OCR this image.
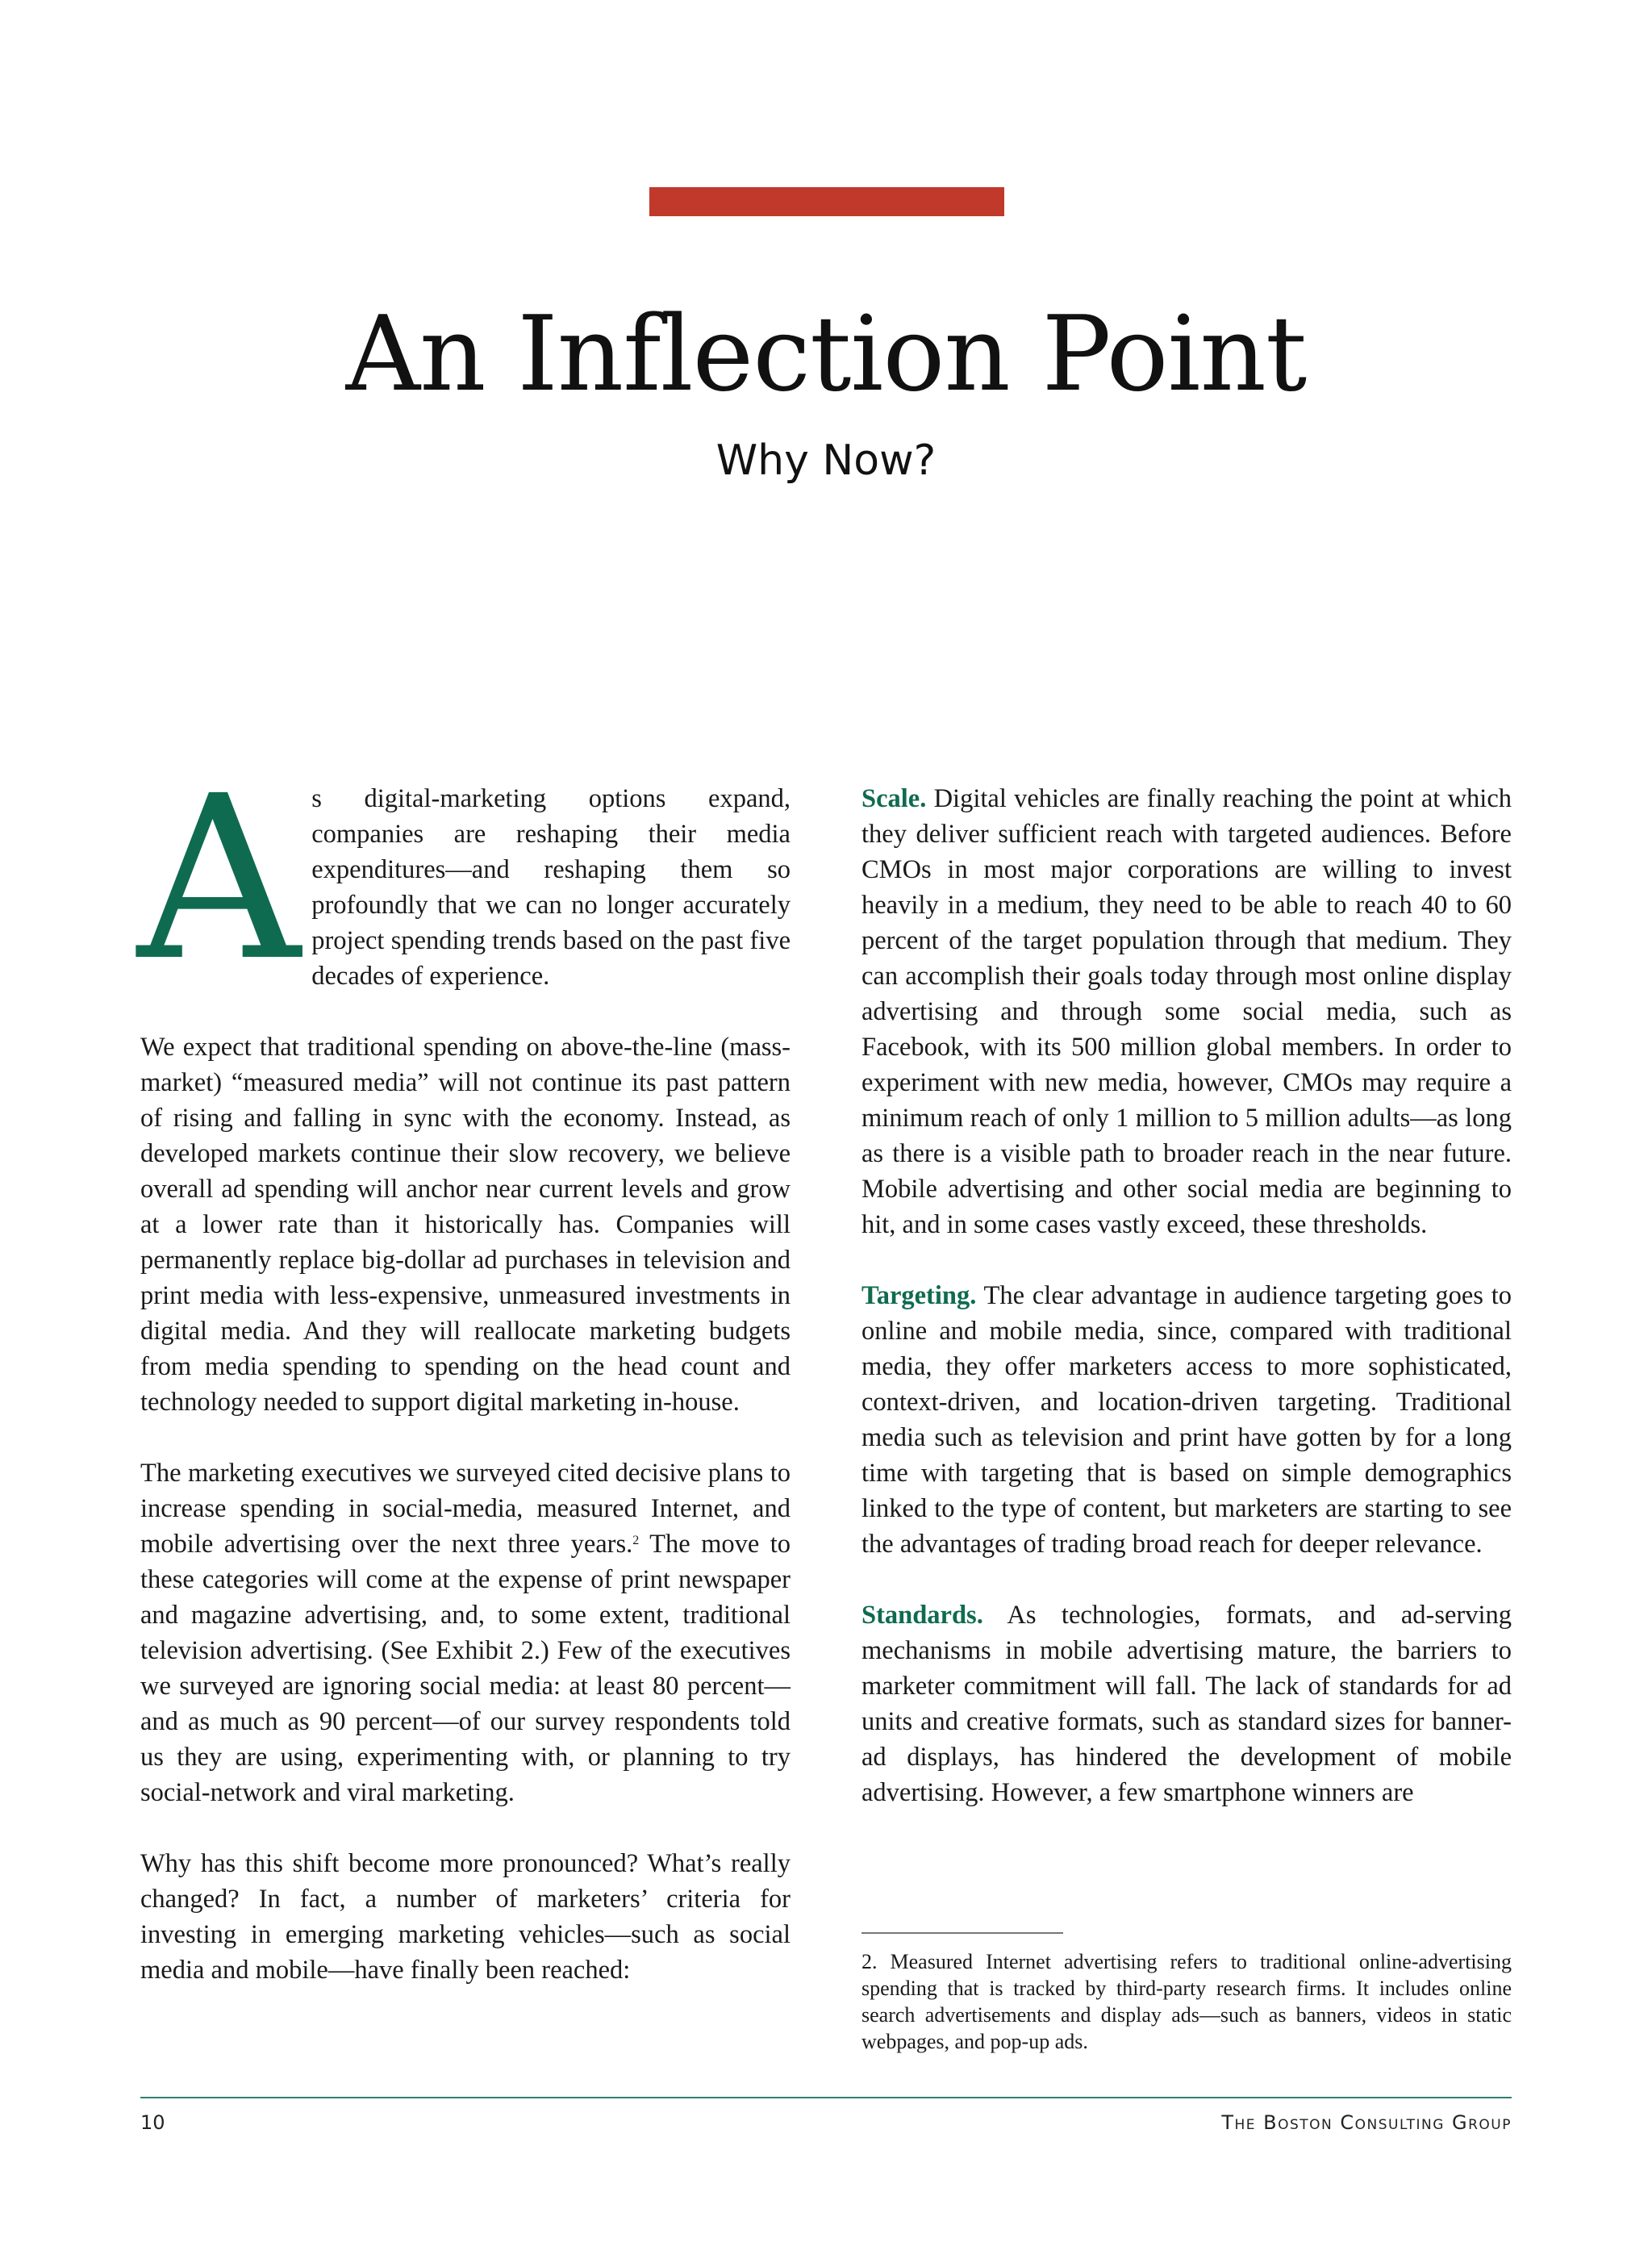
An Inflection Point
Why Now?

As digital-marketing options expand, companies are reshaping their media expenditures—and reshaping them so profoundly that we can no longer accurately project spending trends based on the past five decades of experience.

We expect that traditional spending on above-the-line (mass-market) “measured media” will not continue its past pattern of rising and falling in sync with the economy. Instead, as developed markets continue their slow recovery, we believe overall ad spending will anchor near current levels and grow at a lower rate than it historically has. Companies will permanently replace big-dollar ad purchases in television and print media with less-expensive, unmeasured investments in digital media. And they will reallocate marketing budgets from media spending to spending on the head count and technology needed to support digital marketing in-house.

The marketing executives we surveyed cited decisive plans to increase spending in social-media, measured Internet, and mobile advertising over the next three years.$^2$ The move to these categories will come at the expense of print newspaper and magazine advertising, and, to some extent, traditional television advertising. (See Exhibit 2.) Few of the executives we surveyed are ignoring social media: at least 80 percent—and as much as 90 percent—of our survey respondents told us they are using, experimenting with, or planning to try social-network and viral marketing.

Why has this shift become more pronounced? What’s really changed? In fact, a number of marketers’ criteria for investing in emerging marketing vehicles—such as social media and mobile—have finally been reached:

Scale. Digital vehicles are finally reaching the point at which they deliver sufficient reach with targeted audiences. Before CMOs in most major corporations are willing to invest heavily in a medium, they need to be able to reach 40 to 60 percent of the target population through that medium. They can accomplish their goals today through most online display advertising and through some social media, such as Facebook, with its 500 million global members. In order to experiment with new media, however, CMOs may require a minimum reach of only 1 million to 5 million adults—as long as there is a visible path to broader reach in the near future. Mobile advertising and other social media are beginning to hit, and in some cases vastly exceed, these thresholds.

Targeting. The clear advantage in audience targeting goes to online and mobile media, since, compared with traditional media, they offer marketers access to more sophisticated, context-driven, and location-driven targeting. Traditional media such as television and print have gotten by for a long time with targeting that is based on simple demographics linked to the type of content, but marketers are starting to see the advantages of trading broad reach for deeper relevance.

Standards. As technologies, formats, and ad-serving mechanisms in mobile advertising mature, the barriers to marketer commitment will fall. The lack of standards for ad units and creative formats, such as standard sizes for banner-ad displays, has hindered the development of mobile advertising. However, a few smartphone winners are

2. Measured Internet advertising refers to traditional online-advertising spending that is tracked by third-party research firms. It includes online search advertisements and display ads—such as banners, videos in static webpages, and pop-up ads.
10	The Boston Consulting Group
